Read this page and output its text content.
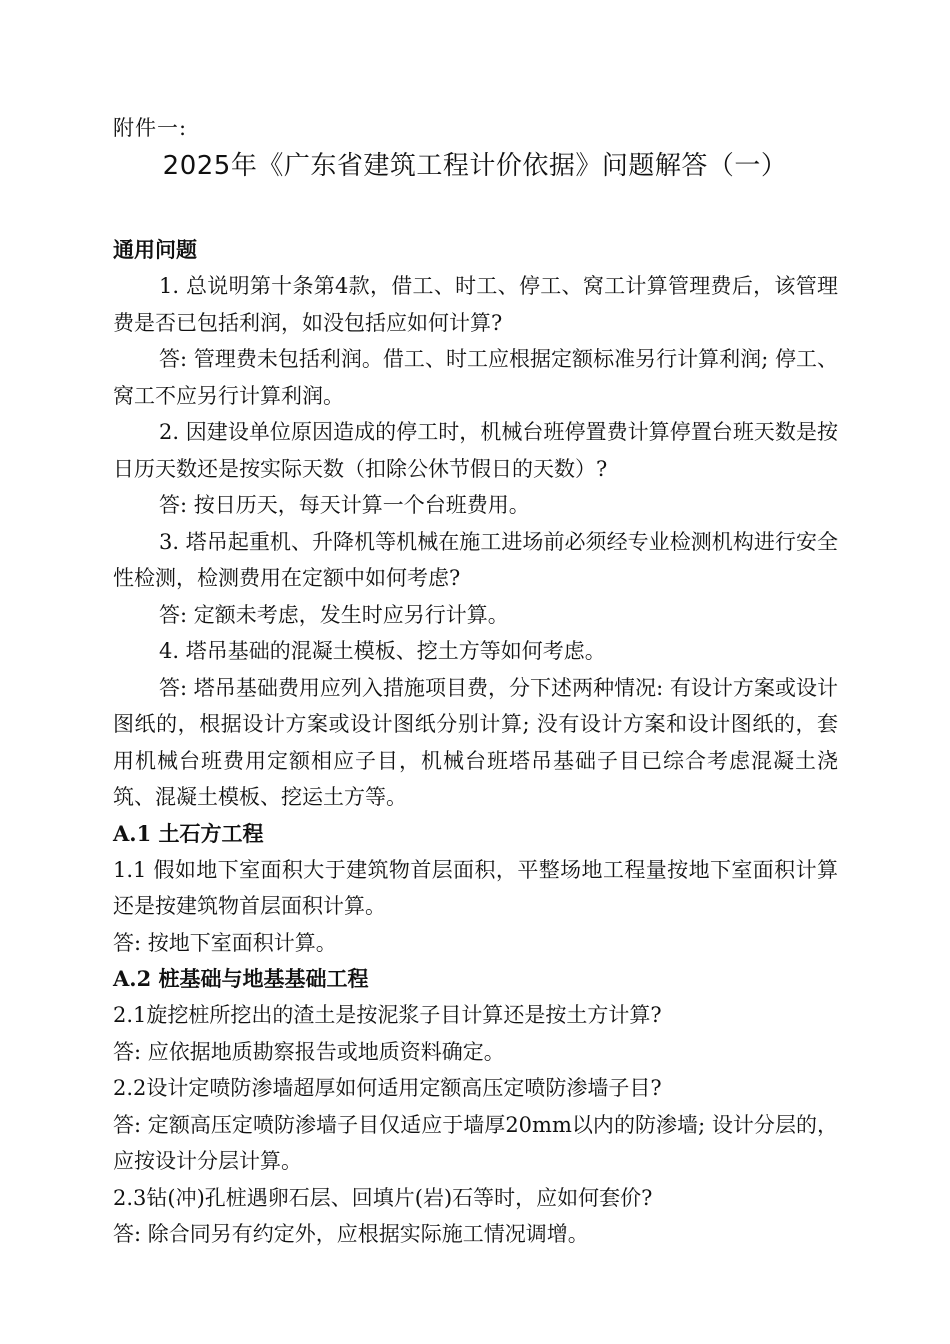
附件一:
2025年《广东省建筑工程计价依据》问题解答（一）

通用问题

1. 总说明第十条第4款，借工、时工、停工、窝工计算管理费后，该管理费是否已包括利润，如没包括应如何计算?

答: 管理费未包括利润。借工、时工应根据定额标准另行计算利润; 停工、窝工不应另行计算利润。

2. 因建设单位原因造成的停工时，机械台班停置费计算停置台班天数是按日历天数还是按实际天数（扣除公休节假日的天数）?

答: 按日历天，每天计算一个台班费用。

3. 塔吊起重机、升降机等机械在施工进场前必须经专业检测机构进行安全性检测，检测费用在定额中如何考虑?

答: 定额未考虑，发生时应另行计算。

4. 塔吊基础的混凝土模板、挖土方等如何考虑。

答: 塔吊基础费用应列入措施项目费，分下述两种情况: 有设计方案或设计图纸的，根据设计方案或设计图纸分别计算; 没有设计方案和设计图纸的，套用机械台班费用定额相应子目，机械台班塔吊基础子目已综合考虑混凝土浇筑、混凝土模板、挖运土方等。

A.1 土石方工程

1.1 假如地下室面积大于建筑物首层面积，平整场地工程量按地下室面积计算还是按建筑物首层面积计算。

答: 按地下室面积计算。

A.2 桩基础与地基基础工程

2.1旋挖桩所挖出的渣土是按泥浆子目计算还是按土方计算?

答: 应依据地质勘察报告或地质资料确定。

2.2设计定喷防渗墙超厚如何适用定额高压定喷防渗墙子目?

答: 定额高压定喷防渗墙子目仅适应于墙厚20mm以内的防渗墙; 设计分层的，应按设计分层计算。

2.3钻(冲)孔桩遇卵石层、回填片(岩)石等时，应如何套价?

答: 除合同另有约定外，应根据实际施工情况调增。
